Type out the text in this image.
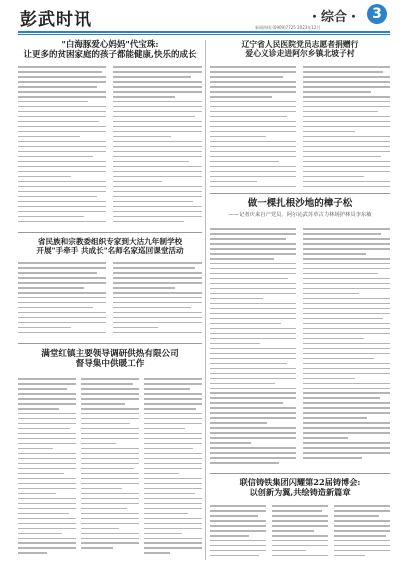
彭武时讯	・综合・ 3
新闻热线:(0909)7725 2023年12月
"白海豚爱心妈妈"代宝珠:
让更多的贫困家庭的孩子都能健康,快乐的成长
省民族和宗教委组织专家到大沽九年制学校
开展"手牵手 共成长"名师名家巡回课堂活动
满堂红镇主要领导调研供热有限公司
督导集中供暖工作
辽宁省人民医院党员志愿者捐赠行
爱心义诊走进阿尔乡镇北坡子村
做一棵扎根沙地的樟子松
——记者庆来自产党员、阿尔沁武苏草古力林场护林员李东敏
联信铸铁集团闪耀第22届铸博会:
以创新为翼,共绘铸造新篇章
